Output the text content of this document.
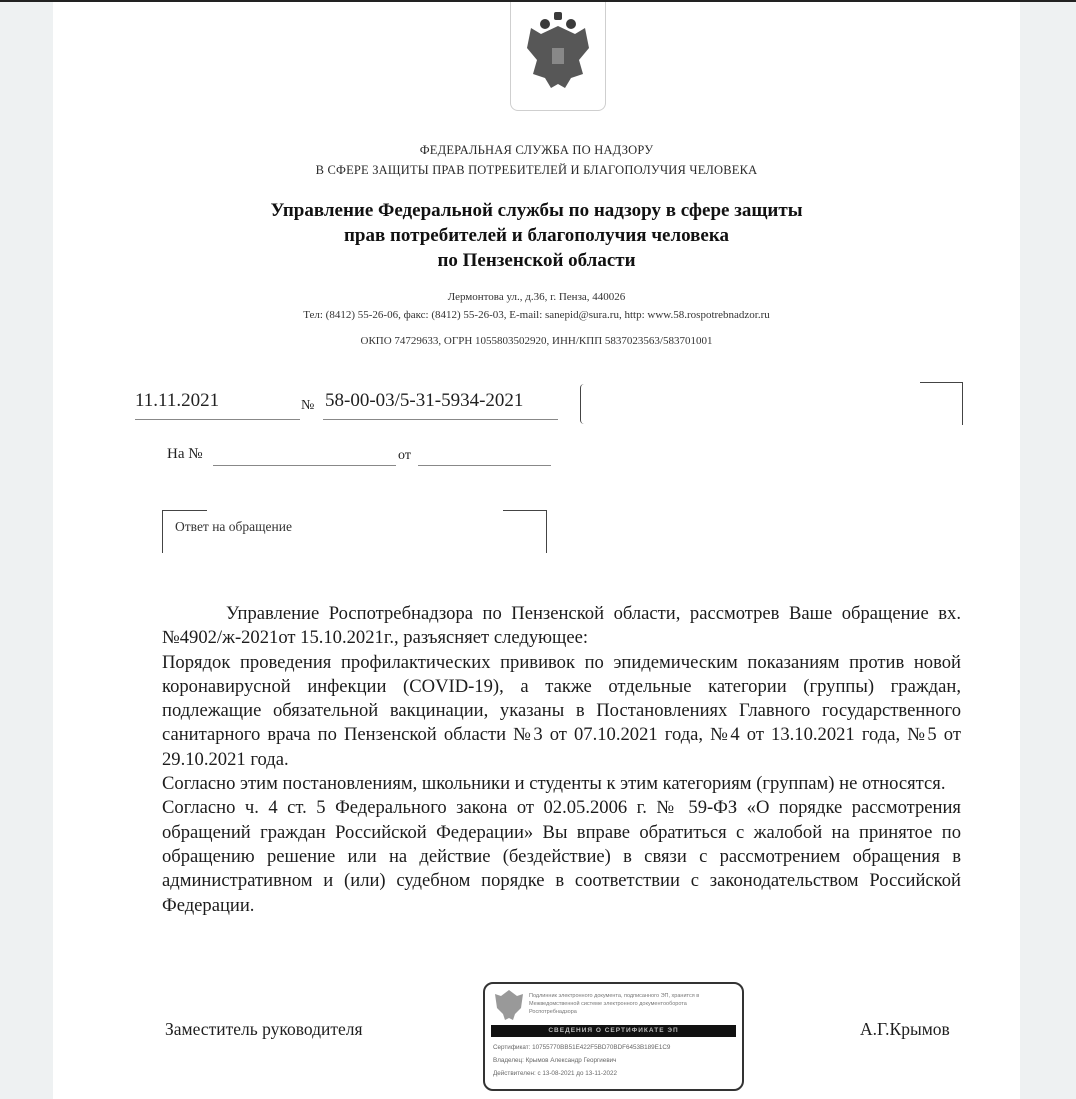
ФЕДЕРАЛЬНАЯ СЛУЖБА ПО НАДЗОРУ
В СФЕРЕ ЗАЩИТЫ ПРАВ ПОТРЕБИТЕЛЕЙ И БЛАГОПОЛУЧИЯ ЧЕЛОВЕКА
Управление Федеральной службы по надзору в сфере защиты
прав потребителей и благополучия человека
по Пензенской области
Лермонтова ул., д.36, г. Пенза, 440026
Тел: (8412) 55-26-06, факс: (8412) 55-26-03, E-mail: sanepid@sura.ru, http: www.58.rospotrebnadzor.ru
ОКПО 74729633, ОГРН 1055803502920, ИНН/КПП 5837023563/583701001
11.11.2021	№ 58-00-03/5-31-5934-2021
На №	от
Ответ на обращение

Управление Роспотребнадзора по Пензенской области, рассмотрев Ваше обращение вх.№4902/ж-2021от 15.10.2021г., разъясняет следующее:

Порядок проведения профилактических прививок по эпидемическим показаниям против новой коронавирусной инфекции (COVID-19), а также отдельные категории (группы) граждан, подлежащие обязательной вакцинации, указаны в Постановлениях Главного государственного санитарного врача по Пензенской области №3 от 07.10.2021 года, №4 от 13.10.2021 года, №5 от 29.10.2021 года.

Согласно этим постановлениям, школьники и студенты к этим категориям (группам) не относятся.

Согласно ч. 4 ст. 5 Федерального закона от 02.05.2006 г. № 59-ФЗ «О порядке рассмотрения обращений граждан Российской Федерации» Вы вправе обратиться с жалобой на принятое по обращению решение или на действие (бездействие) в связи с рассмотрением обращения в административном и (или) судебном порядке в соответствии с законодательством Российской Федерации.

Заместитель руководителя
Подлинник электронного документа, подписанного ЭП, хранится в Межведомственной системе электронного документооборота Роспотребнадзора
СВЕДЕНИЯ О СЕРТИФИКАТЕ ЭП
Сертификат: 10755770BB51E422F5BD70BDF6453B189E1C9
Владелец: Крымов Александр Георгиевич
Действителен: с 13-08-2021 до 13-11-2022
А.Г.Крымов
